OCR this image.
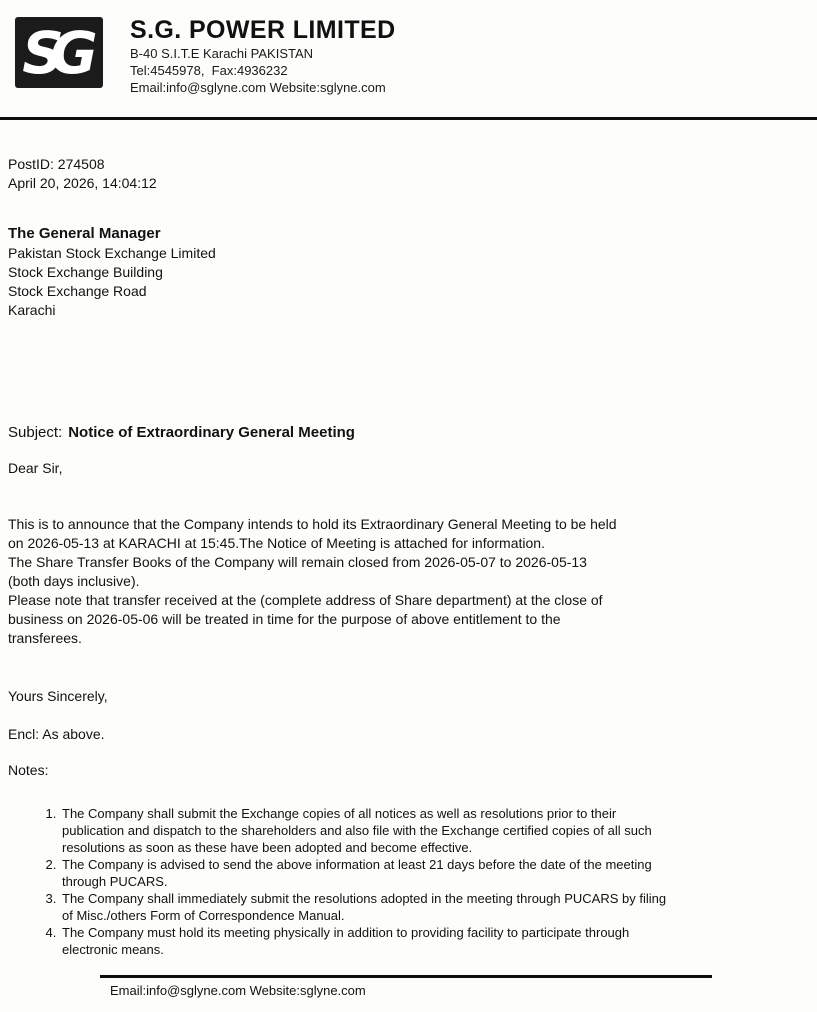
SG	S.G. POWER LIMITED
B-40 S.I.T.E Karachi PAKISTAN
Tel:4545978,  Fax:4936232
Email:info@sglyne.com Website:sglyne.com
PostID: 274508
April 20, 2026, 14:04:12
The General Manager
Pakistan Stock Exchange Limited
Stock Exchange Building
Stock Exchange Road
Karachi
Subject: Notice of Extraordinary General Meeting
Dear Sir,
This is to announce that the Company intends to hold its Extraordinary General Meeting to be held
on 2026-05-13 at KARACHI at 15:45.The Notice of Meeting is attached for information.
The Share Transfer Books of the Company will remain closed from 2026-05-07 to 2026-05-13
(both days inclusive).
Please note that transfer received at the (complete address of Share department) at the close of
business on 2026-05-06 will be treated in time for the purpose of above entitlement to the
transferees.
Yours Sincerely,
Encl: As above.
Notes:
1. The Company shall submit the Exchange copies of all notices as well as resolutions prior to their
publication and dispatch to the shareholders and also file with the Exchange certified copies of all such
resolutions as soon as these have been adopted and become effective.
2. The Company is advised to send the above information at least 21 days before the date of the meeting
through PUCARS.
3. The Company shall immediately submit the resolutions adopted in the meeting through PUCARS by filing
of Misc./others Form of Correspondence Manual.
4. The Company must hold its meeting physically in addition to providing facility to participate through
electronic means.
Email:info@sglyne.com Website:sglyne.com
